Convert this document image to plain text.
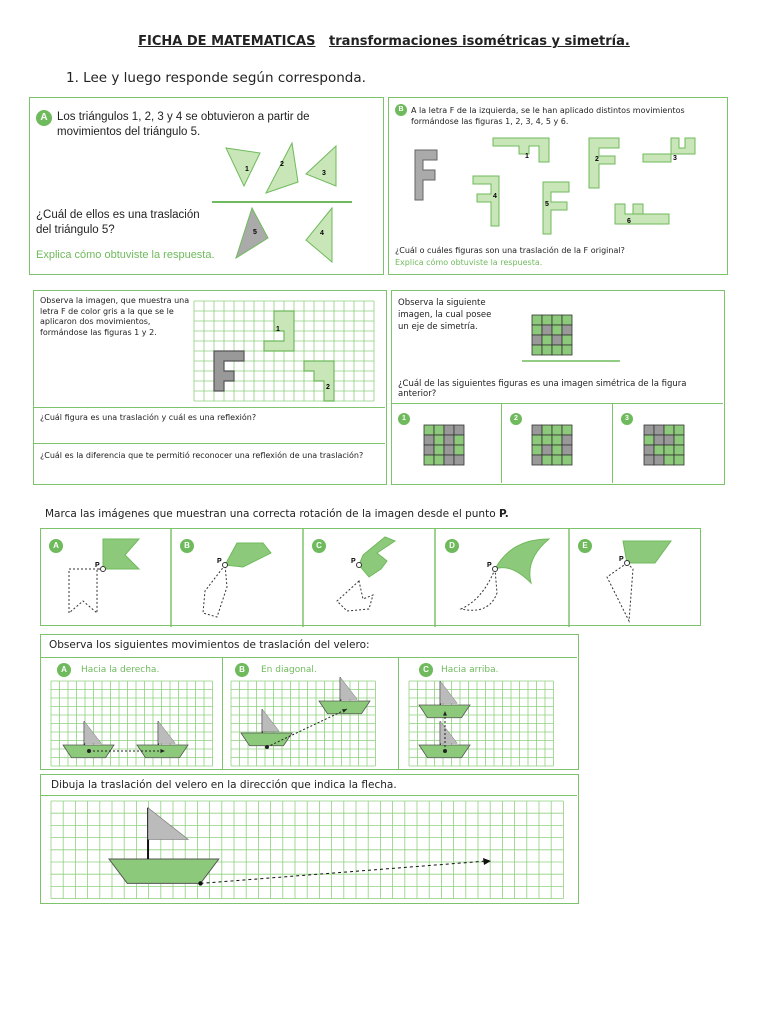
FICHA DE MATEMATICAS transformaciones isométricas y simetría.
1. Lee y luego responde según corresponda.
A Los triángulos 1, 2, 3 y 4 se obtuvieron a partir de movimientos del triángulo 5.
¿Cuál de ellos es una traslación del triángulo 5?
Explica cómo obtuviste la respuesta.
1
2
3
5	4
B A la letra F de la izquierda, se le han aplicado distintos movimientos formándose las figuras 1, 2, 3, 4, 5 y 6.
¿Cuál o cuáles figuras son una traslación de la F original?
Explica cómo obtuviste la respuesta.
1	2	3
4
5
6
Observa la imagen, que muestra una letra F de color gris a la que se le aplicaron dos movimientos, formándose las figuras 1 y 2.	1
2
¿Cuál figura es una traslación y cuál es una reflexión?
¿Cuál es la diferencia que te permitió reconocer una reflexión de una traslación?
Observa la siguiente imagen, la cual posee un eje de simetría.
¿Cuál de las siguientes figuras es una imagen simétrica de la figura anterior?
1	2	3
Marca las imágenes que muestran una correcta rotación de la imagen desde el punto P.
P
P	P
P
P
A	B	C	D	E
Observa los siguientes movimientos de traslación del velero:
A	Hacia la derecha.	B	En diagonal.	C	Hacia arriba.
Dibuja la traslación del velero en la dirección que indica la flecha.
